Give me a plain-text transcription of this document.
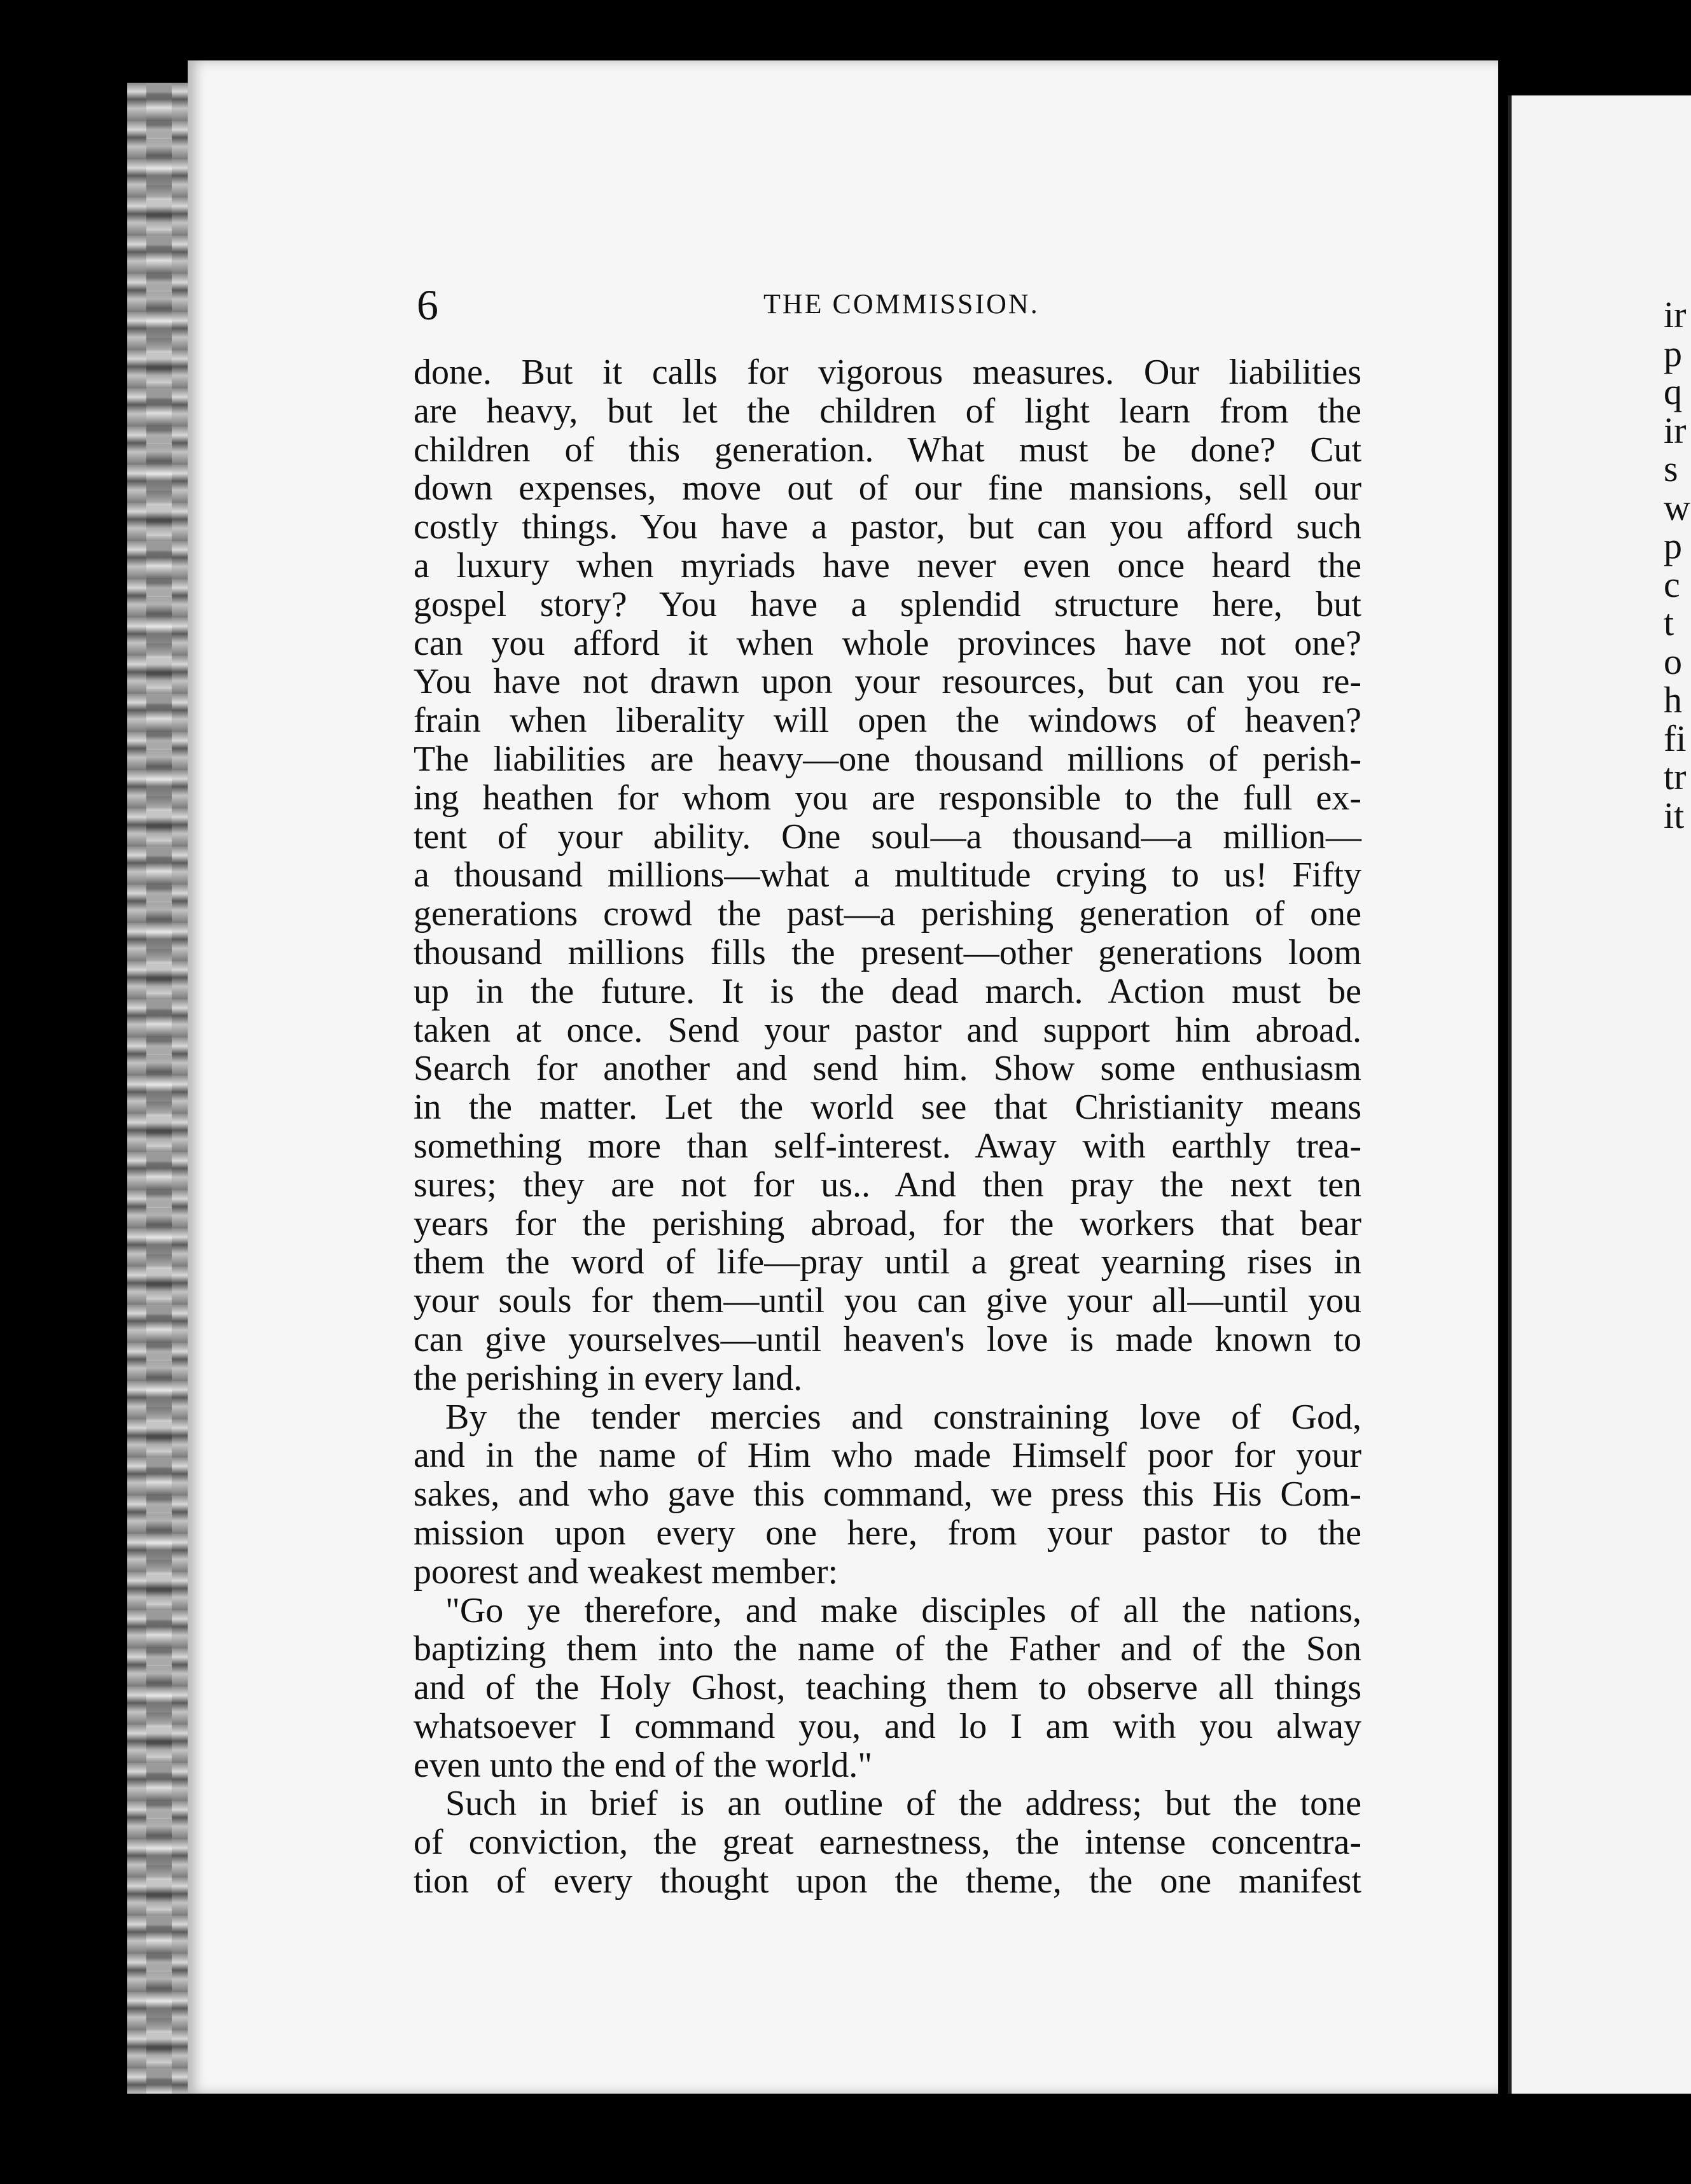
ir
p
q
ir
s
w
p
c
t
o
h
fi
tr
it
6	THE COMMISSION.
done. But it calls for vigorous measures. Our liabilities
are heavy, but let the children of light learn from the
children of this generation. What must be done? Cut
down expenses, move out of our fine mansions, sell our
costly things. You have a pastor, but can you afford such
a luxury when myriads have never even once heard the
gospel story? You have a splendid structure here, but
can you afford it when whole provinces have not one?
You have not drawn upon your resources, but can you re-
frain when liberality will open the windows of heaven?
The liabilities are heavy—one thousand millions of perish-
ing heathen for whom you are responsible to the full ex-
tent of your ability. One soul—a thousand—a million—
a thousand millions—what a multitude crying to us! Fifty
generations crowd the past—a perishing generation of one
thousand millions fills the present—other generations loom
up in the future. It is the dead march. Action must be
taken at once. Send your pastor and support him abroad.
Search for another and send him. Show some enthusiasm
in the matter. Let the world see that Christianity means
something more than self-interest. Away with earthly trea-
sures; they are not for us.. And then pray the next ten
years for the perishing abroad, for the workers that bear
them the word of life—pray until a great yearning rises in
your souls for them—until you can give your all—until you
can give yourselves—until heaven's love is made known to
the perishing in every land.
By the tender mercies and constraining love of God,
and in the name of Him who made Himself poor for your
sakes, and who gave this command, we press this His Com-
mission upon every one here, from your pastor to the
poorest and weakest member:
"Go ye therefore, and make disciples of all the nations,
baptizing them into the name of the Father and of the Son
and of the Holy Ghost, teaching them to observe all things
whatsoever I command you, and lo I am with you alway
even unto the end of the world."
Such in brief is an outline of the address; but the tone
of conviction, the great earnestness, the intense concentra-
tion of every thought upon the theme, the one manifest
